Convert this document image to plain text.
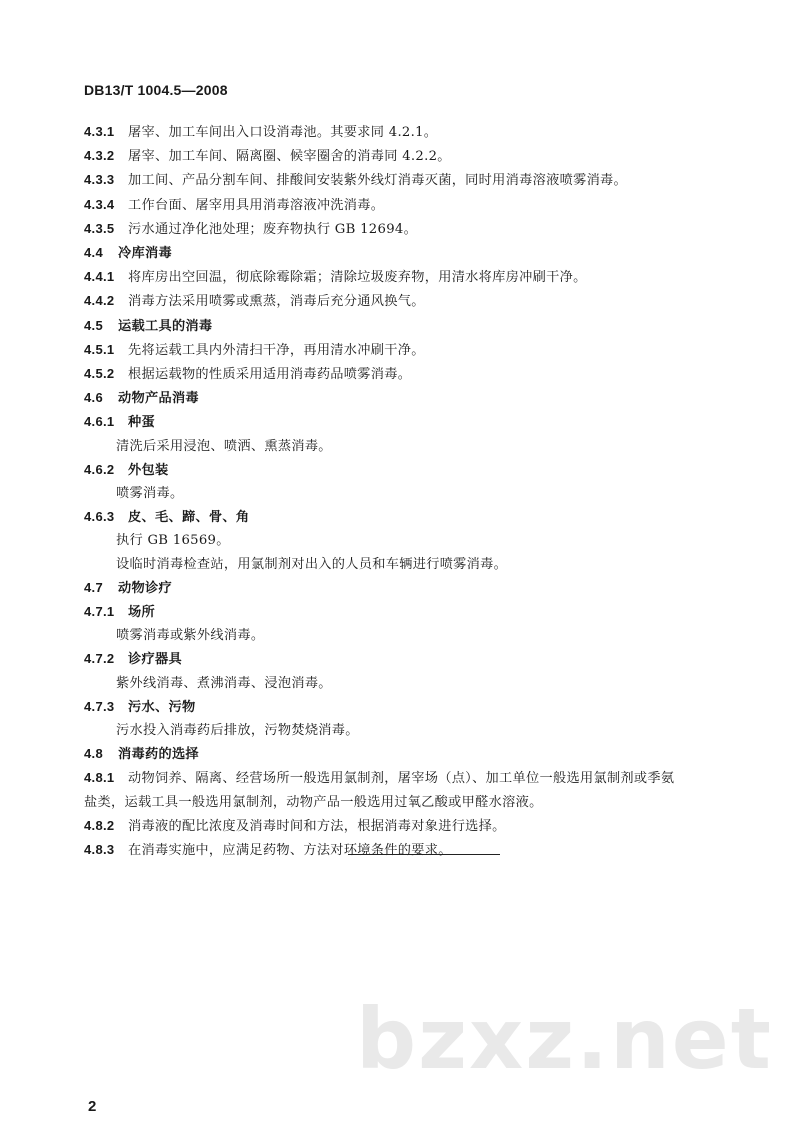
DB13/T 1004.5—2008
4.3.1 屠宰、加工车间出入口设消毒池。其要求同 4.2.1。
4.3.2 屠宰、加工车间、隔离圈、候宰圈舍的消毒同 4.2.2。
4.3.3 加工间、产品分割车间、排酸间安装紫外线灯消毒灭菌，同时用消毒溶液喷雾消毒。
4.3.4 工作台面、屠宰用具用消毒溶液冲洗消毒。
4.3.5 污水通过净化池处理；废弃物执行 GB 12694。
4.4 冷库消毒
4.4.1 将库房出空回温，彻底除霉除霜；清除垃圾废弃物，用清水将库房冲刷干净。
4.4.2 消毒方法采用喷雾或熏蒸，消毒后充分通风换气。
4.5 运载工具的消毒
4.5.1 先将运载工具内外清扫干净，再用清水冲刷干净。
4.5.2 根据运载物的性质采用适用消毒药品喷雾消毒。
4.6 动物产品消毒
4.6.1 种蛋
清洗后采用浸泡、喷洒、熏蒸消毒。
4.6.2 外包装
喷雾消毒。
4.6.3 皮、毛、蹄、骨、角
执行 GB 16569。
设临时消毒检查站，用氯制剂对出入的人员和车辆进行喷雾消毒。
4.7 动物诊疗
4.7.1 场所
喷雾消毒或紫外线消毒。
4.7.2 诊疗器具
紫外线消毒、煮沸消毒、浸泡消毒。
4.7.3 污水、污物
污水投入消毒药后排放，污物焚烧消毒。
4.8 消毒药的选择
4.8.1 动物饲养、隔离、经营场所一般选用氯制剂，屠宰场（点）、加工单位一般选用氯制剂或季氨
盐类，运载工具一般选用氯制剂，动物产品一般选用过氧乙酸或甲醛水溶液。
4.8.2 消毒液的配比浓度及消毒时间和方法，根据消毒对象进行选择。
4.8.3 在消毒实施中，应满足药物、方法对环境条件的要求。
2
bzxz.net
